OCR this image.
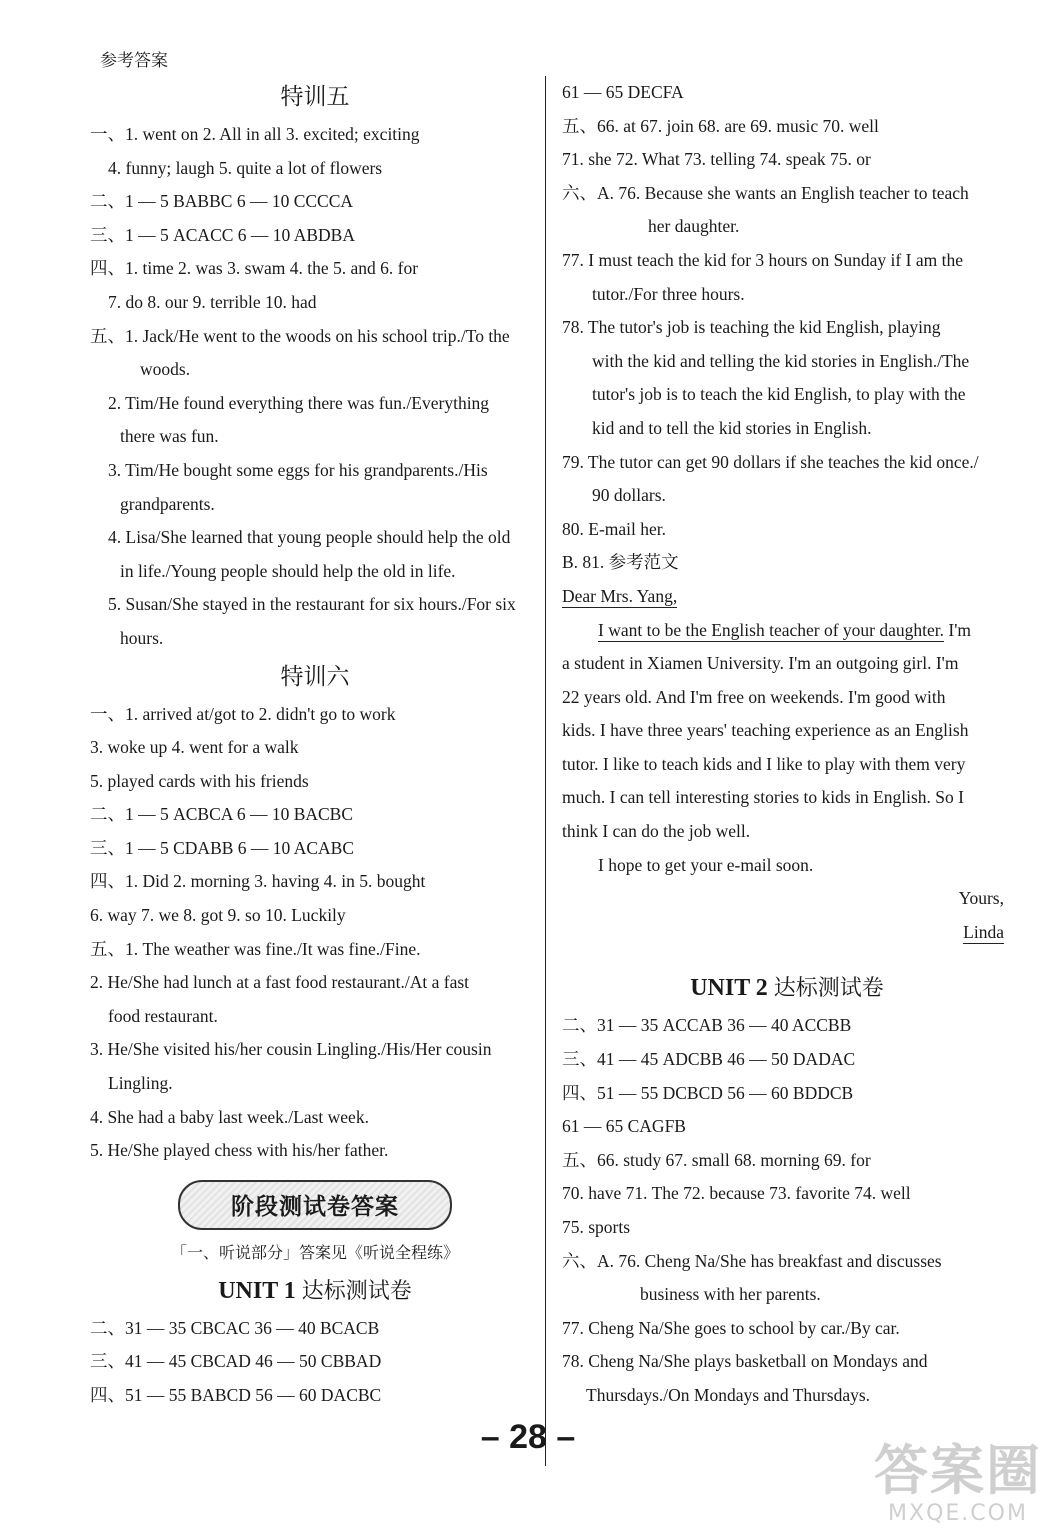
参考答案
特训五
一、1. went on 2. All in all 3. excited; exciting
4. funny; laugh 5. quite a lot of flowers
二、1 — 5 BABBC 6 — 10 CCCCA
三、1 — 5 ACACC 6 — 10 ABDBA
四、1. time 2. was 3. swam 4. the 5. and 6. for
7. do 8. our 9. terrible 10. had
五、1. Jack/He went to the woods on his school trip./To the
woods.
2. Tim/He found everything there was fun./Everything
there was fun.
3. Tim/He bought some eggs for his grandparents./His
grandparents.
4. Lisa/She learned that young people should help the old
in life./Young people should help the old in life.
5. Susan/She stayed in the restaurant for six hours./For six
hours.
特训六
一、1. arrived at/got to 2. didn't go to work
3. woke up 4. went for a walk
5. played cards with his friends
二、1 — 5 ACBCA 6 — 10 BACBC
三、1 — 5 CDABB 6 — 10 ACABC
四、1. Did 2. morning 3. having 4. in 5. bought
6. way 7. we 8. got 9. so 10. Luckily
五、1. The weather was fine./It was fine./Fine.
2. He/She had lunch at a fast food restaurant./At a fast
food restaurant.
3. He/She visited his/her cousin Lingling./His/Her cousin
Lingling.
4. She had a baby last week./Last week.
5. He/She played chess with his/her father.
阶段测试卷答案
「一、听说部分」答案见《听说全程练》
UNIT 1 达标测试卷
二、31 — 35 CBCAC 36 — 40 BCACB
三、41 — 45 CBCAD 46 — 50 CBBAD
四、51 — 55 BABCD 56 — 60 DACBC
61 — 65 DECFA
五、66. at 67. join 68. are 69. music 70. well
71. she 72. What 73. telling 74. speak 75. or
六、A. 76. Because she wants an English teacher to teach
her daughter.
77. I must teach the kid for 3 hours on Sunday if I am the
tutor./For three hours.
78. The tutor's job is teaching the kid English, playing
with the kid and telling the kid stories in English./The
tutor's job is to teach the kid English, to play with the
kid and to tell the kid stories in English.
79. The tutor can get 90 dollars if she teaches the kid once./
90 dollars.
80. E-mail her.
B. 81. 参考范文
Dear Mrs. Yang,
I want to be the English teacher of your daughter. I'm
a student in Xiamen University. I'm an outgoing girl. I'm
22 years old. And I'm free on weekends. I'm good with
kids. I have three years' teaching experience as an English
tutor. I like to teach kids and I like to play with them very
much. I can tell interesting stories to kids in English. So I
think I can do the job well.
I hope to get your e-mail soon.
Yours,
Linda
UNIT 2 达标测试卷
二、31 — 35 ACCAB 36 — 40 ACCBB
三、41 — 45 ADCBB 46 — 50 DADAC
四、51 — 55 DCBCD 56 — 60 BDDCB
61 — 65 CAGFB
五、66. study 67. small 68. morning 69. for
70. have 71. The 72. because 73. favorite 74. well
75. sports
六、A. 76. Cheng Na/She has breakfast and discusses
business with her parents.
77. Cheng Na/She goes to school by car./By car.
78. Cheng Na/She plays basketball on Mondays and
Thursdays./On Mondays and Thursdays.
– 28 –
答案圈
MXQE.COM
